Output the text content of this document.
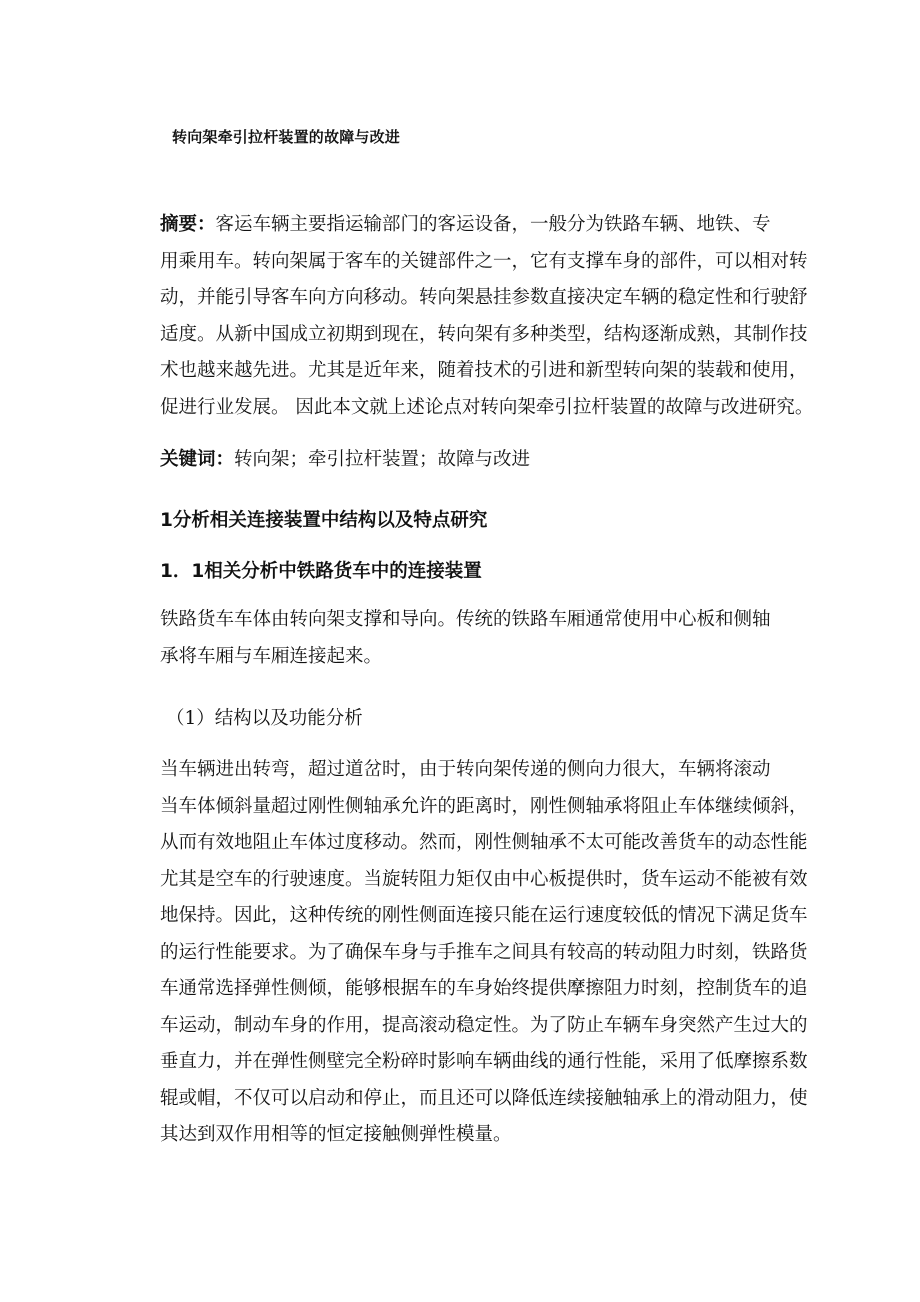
转向架牵引拉杆装置的故障与改进
摘要：客运车辆主要指运输部门的客运设备，一般分为铁路车辆、地铁、专
用乘用车。转向架属于客车的关键部件之一，它有支撑车身的部件，可以相对转
动，并能引导客车向方向移动。转向架悬挂参数直接决定车辆的稳定性和行驶舒
适度。从新中国成立初期到现在，转向架有多种类型，结构逐渐成熟，其制作技
术也越来越先进。尤其是近年来，随着技术的引进和新型转向架的装载和使用，
促进行业发展。 因此本文就上述论点对转向架牵引拉杆装置的故障与改进研究。
关键词：转向架；牵引拉杆装置；故障与改进
1分析相关连接装置中结构以及特点研究
1．1相关分析中铁路货车中的连接装置
铁路货车车体由转向架支撑和导向。传统的铁路车厢通常使用中心板和侧轴
承将车厢与车厢连接起来。
（1）结构以及功能分析
当车辆进出转弯，超过道岔时，由于转向架传递的侧向力很大，车辆将滚动
当车体倾斜量超过刚性侧轴承允许的距离时，刚性侧轴承将阻止车体继续倾斜，
从而有效地阻止车体过度移动。然而，刚性侧轴承不太可能改善货车的动态性能
尤其是空车的行驶速度。当旋转阻力矩仅由中心板提供时，货车运动不能被有效
地保持。因此，这种传统的刚性侧面连接只能在运行速度较低的情况下满足货车
的运行性能要求。为了确保车身与手推车之间具有较高的转动阻力时刻，铁路货
车通常选择弹性侧倾，能够根据车的车身始终提供摩擦阻力时刻，控制货车的追
车运动，制动车身的作用，提高滚动稳定性。为了防止车辆车身突然产生过大的
垂直力，并在弹性侧壁完全粉碎时影响车辆曲线的通行性能，采用了低摩擦系数
辊或帽，不仅可以启动和停止，而且还可以降低连续接触轴承上的滑动阻力，使
其达到双作用相等的恒定接触侧弹性模量。
